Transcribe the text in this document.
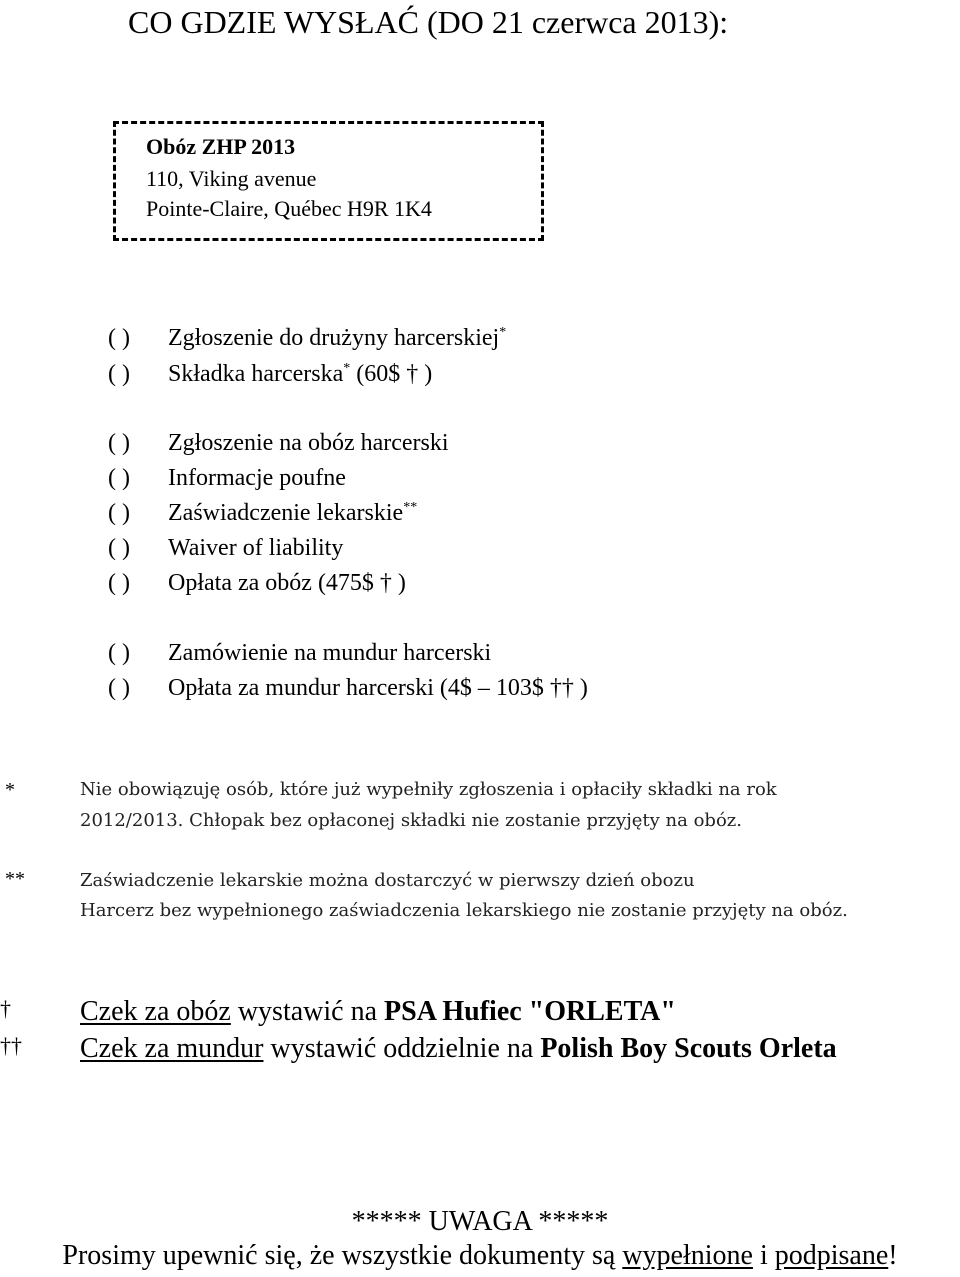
CO GDZIE WYSŁAĆ (DO 21 czerwca 2013):
Obóz ZHP 2013
110, Viking avenue
Pointe-Claire, Québec H9R 1K4
( ) Zgłoszenie do drużyny harcerskiej*
( ) Składka harcerska* (60$ † )
( ) Zgłoszenie na obóz harcerski
( ) Informacje poufne
( ) Zaświadczenie lekarskie**
( ) Waiver of liability
( ) Opłata za obóz (475$ † )
( ) Zamówienie na mundur harcerski
( ) Opłata za mundur harcerski (4$ – 103$ †† )
*	Nie obowiązuję osób, które już wypełniły zgłoszenia i opłaciły składki na rok
2012/2013. Chłopak bez opłaconej składki nie zostanie przyjęty na obóz.
**	Zaświadczenie lekarskie można dostarczyć w pierwszy dzień obozu
Harcerz bez wypełnionego zaświadczenia lekarskiego nie zostanie przyjęty na obóz.
† Czek za obóz wystawić na PSA Hufiec "ORLETA"
†† Czek za mundur wystawić oddzielnie na Polish Boy Scouts Orleta
***** UWAGA *****
Prosimy upewnić się, że wszystkie dokumenty są wypełnione i podpisane!
